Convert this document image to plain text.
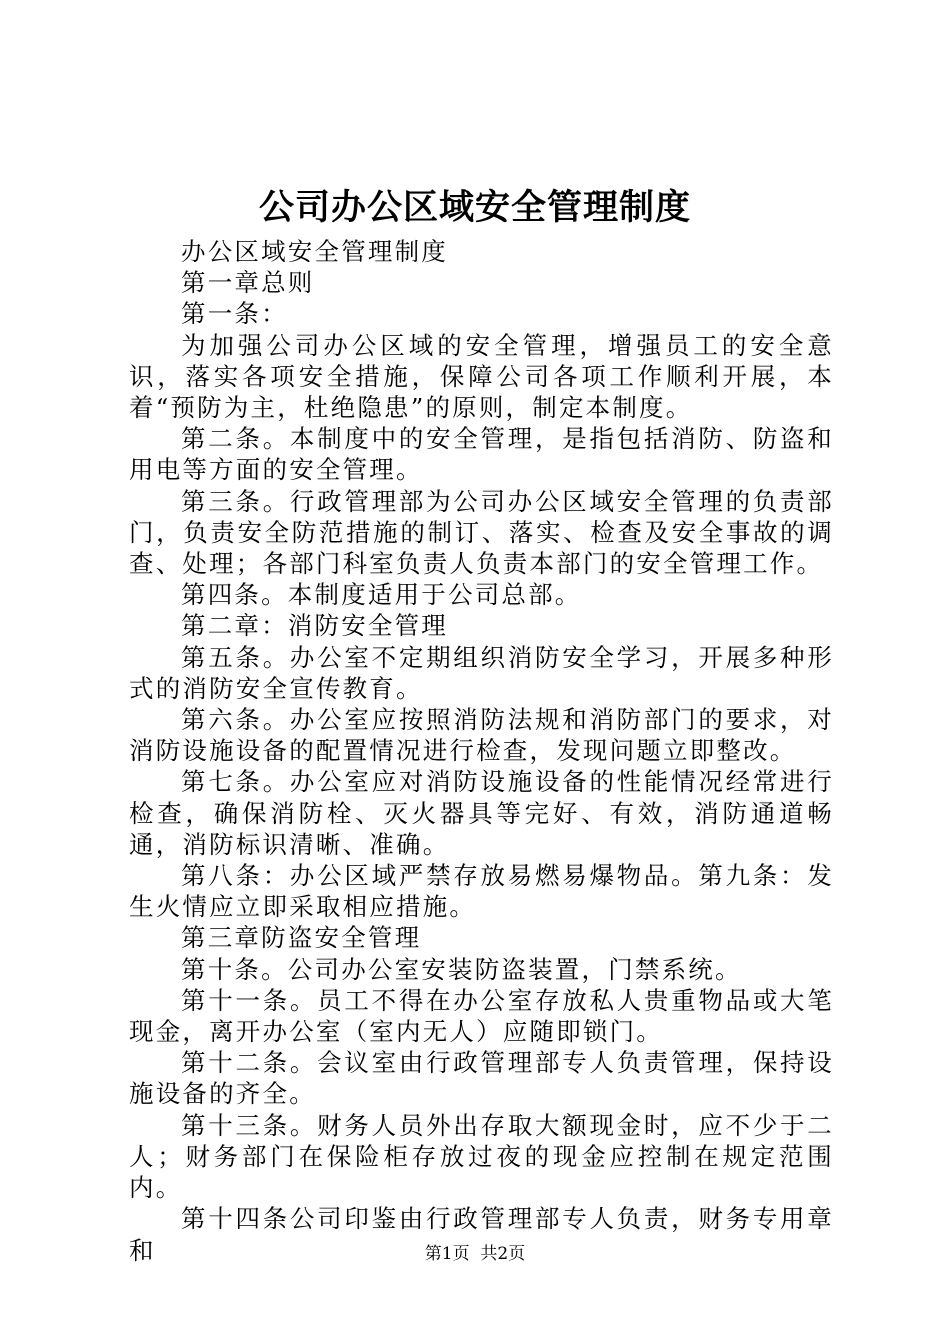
公司办公区域安全管理制度

办公区域安全管理制度

第一章总则

第一条：

为加强公司办公区域的安全管理，增强员工的安全意识，落实各项安全措施，保障公司各项工作顺利开展，本着“预防为主，杜绝隐患”的原则，制定本制度。

第二条。本制度中的安全管理，是指包括消防、防盗和用电等方面的安全管理。

第三条。行政管理部为公司办公区域安全管理的负责部门，负责安全防范措施的制订、落实、检查及安全事故的调查、处理；各部门科室负责人负责本部门的安全管理工作。

第四条。本制度适用于公司总部。

第二章：消防安全管理

第五条。办公室不定期组织消防安全学习，开展多种形式的消防安全宣传教育。

第六条。办公室应按照消防法规和消防部门的要求，对消防设施设备的配置情况进行检查，发现问题立即整改。

第七条。办公室应对消防设施设备的性能情况经常进行检查，确保消防栓、灭火器具等完好、有效，消防通道畅通，消防标识清晰、准确。

第八条：办公区域严禁存放易燃易爆物品。第九条：发生火情应立即采取相应措施。

第三章防盗安全管理

第十条。公司办公室安装防盗装置，门禁系统。

第十一条。员工不得在办公室存放私人贵重物品或大笔现金，离开办公室（室内无人）应随即锁门。

第十二条。会议室由行政管理部专人负责管理，保持设施设备的齐全。

第十三条。财务人员外出存取大额现金时，应不少于二人；财务部门在保险柜存放过夜的现金应控制在规定范围内。

第十四条公司印鉴由行政管理部专人负责，财务专用章和	第1页  共2页
